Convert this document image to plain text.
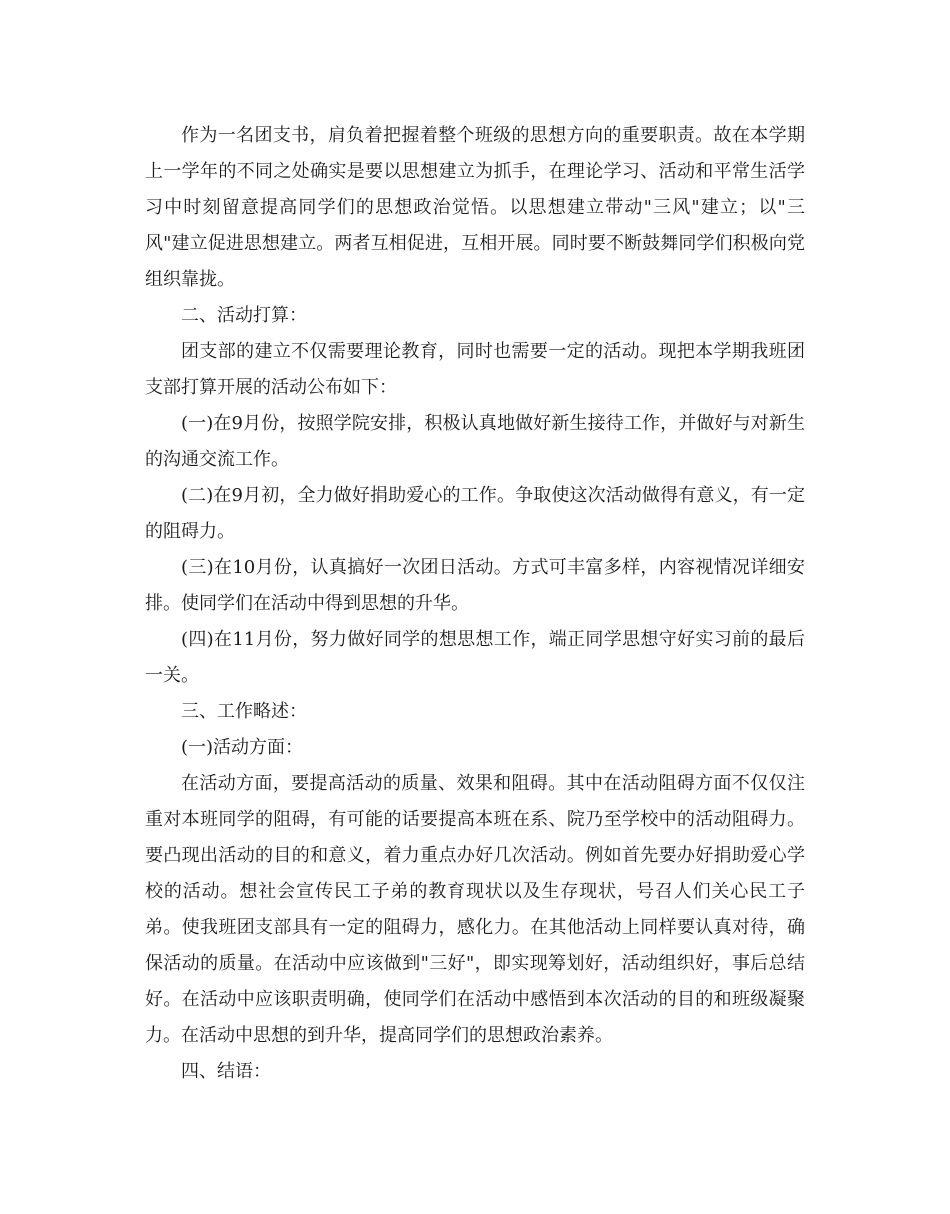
作为一名团支书，肩负着把握着整个班级的思想方向的重要职责。故在本学期上一学年的不同之处确实是要以思想建立为抓手，在理论学习、活动和平常生活学习中时刻留意提高同学们的思想政治觉悟。以思想建立带动"三风"建立；以"三风"建立促进思想建立。两者互相促进，互相开展。同时要不断鼓舞同学们积极向党组织靠拢。

二、活动打算：

团支部的建立不仅需要理论教育，同时也需要一定的活动。现把本学期我班团支部打算开展的活动公布如下：

(一)在9月份，按照学院安排，积极认真地做好新生接待工作，并做好与对新生的沟通交流工作。

(二)在9月初，全力做好捐助爱心的工作。争取使这次活动做得有意义，有一定的阻碍力。

(三)在10月份，认真搞好一次团日活动。方式可丰富多样，内容视情况详细安排。使同学们在活动中得到思想的升华。

(四)在11月份，努力做好同学的想思想工作，端正同学思想守好实习前的最后一关。

三、工作略述：

(一)活动方面：

在活动方面，要提高活动的质量、效果和阻碍。其中在活动阻碍方面不仅仅注重对本班同学的阻碍，有可能的话要提高本班在系、院乃至学校中的活动阻碍力。要凸现出活动的目的和意义，着力重点办好几次活动。例如首先要办好捐助爱心学校的活动。想社会宣传民工子弟的教育现状以及生存现状，号召人们关心民工子弟。使我班团支部具有一定的阻碍力，感化力。在其他活动上同样要认真对待，确保活动的质量。在活动中应该做到"三好"，即实现筹划好，活动组织好，事后总结好。在活动中应该职责明确，使同学们在活动中感悟到本次活动的目的和班级凝聚力。在活动中思想的到升华，提高同学们的思想政治素养。

四、结语：
